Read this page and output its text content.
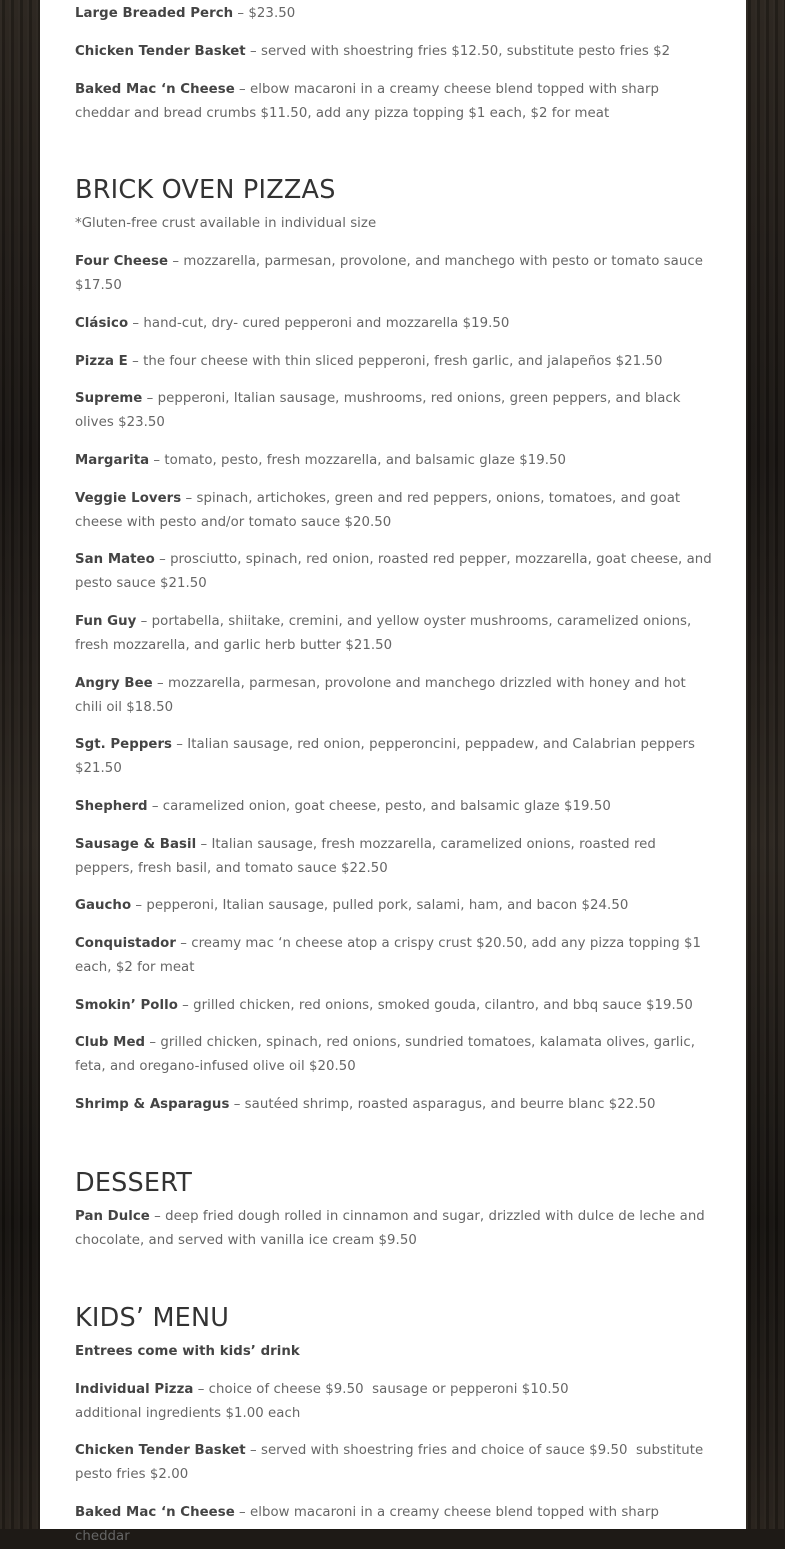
Large Breaded Perch – $23.50

Chicken Tender Basket – served with shoestring fries $12.50, substitute pesto fries $2

Baked Mac ‘n Cheese – elbow macaroni in a creamy cheese blend topped with sharp cheddar and bread crumbs $11.50, add any pizza topping $1 each, $2 for meat

BRICK OVEN PIZZAS

*Gluten-free crust available in individual size

Four Cheese – mozzarella, parmesan, provolone, and manchego with pesto or tomato sauce $17.50

Clásico – hand-cut, dry- cured pepperoni and mozzarella $19.50

Pizza E – the four cheese with thin sliced pepperoni, fresh garlic, and jalapeños $21.50

Supreme – pepperoni, Italian sausage, mushrooms, red onions, green peppers, and black olives $23.50

Margarita – tomato, pesto, fresh mozzarella, and balsamic glaze $19.50

Veggie Lovers – spinach, artichokes, green and red peppers, onions, tomatoes, and goat cheese with pesto and/or tomato sauce $20.50

San Mateo – prosciutto, spinach, red onion, roasted red pepper, mozzarella, goat cheese, and pesto sauce $21.50

Fun Guy – portabella, shiitake, cremini, and yellow oyster mushrooms, caramelized onions, fresh mozzarella, and garlic herb butter $21.50

Angry Bee – mozzarella, parmesan, provolone and manchego drizzled with honey and hot chili oil $18.50

Sgt. Peppers – Italian sausage, red onion, pepperoncini, peppadew, and Calabrian peppers $21.50

Shepherd – caramelized onion, goat cheese, pesto, and balsamic glaze $19.50

Sausage & Basil – Italian sausage, fresh mozzarella, caramelized onions, roasted red peppers, fresh basil, and tomato sauce $22.50

Gaucho – pepperoni, Italian sausage, pulled pork, salami, ham, and bacon $24.50

Conquistador – creamy mac ‘n cheese atop a crispy crust $20.50, add any pizza topping $1 each, $2 for meat

Smokin’ Pollo – grilled chicken, red onions, smoked gouda, cilantro, and bbq sauce $19.50

Club Med – grilled chicken, spinach, red onions, sundried tomatoes, kalamata olives, garlic, feta, and oregano-infused olive oil $20.50

Shrimp & Asparagus – sautéed shrimp, roasted asparagus, and beurre blanc $22.50

DESSERT

Pan Dulce – deep fried dough rolled in cinnamon and sugar, drizzled with dulce de leche and chocolate, and served with vanilla ice cream $9.50

KIDS’ MENU

Entrees come with kids’ drink

Individual Pizza – choice of cheese $9.50  sausage or pepperoni $10.50
additional ingredients $1.00 each

Chicken Tender Basket – served with shoestring fries and choice of sauce $9.50  substitute pesto fries $2.00

Baked Mac ‘n Cheese – elbow macaroni in a creamy cheese blend topped with sharp cheddar
